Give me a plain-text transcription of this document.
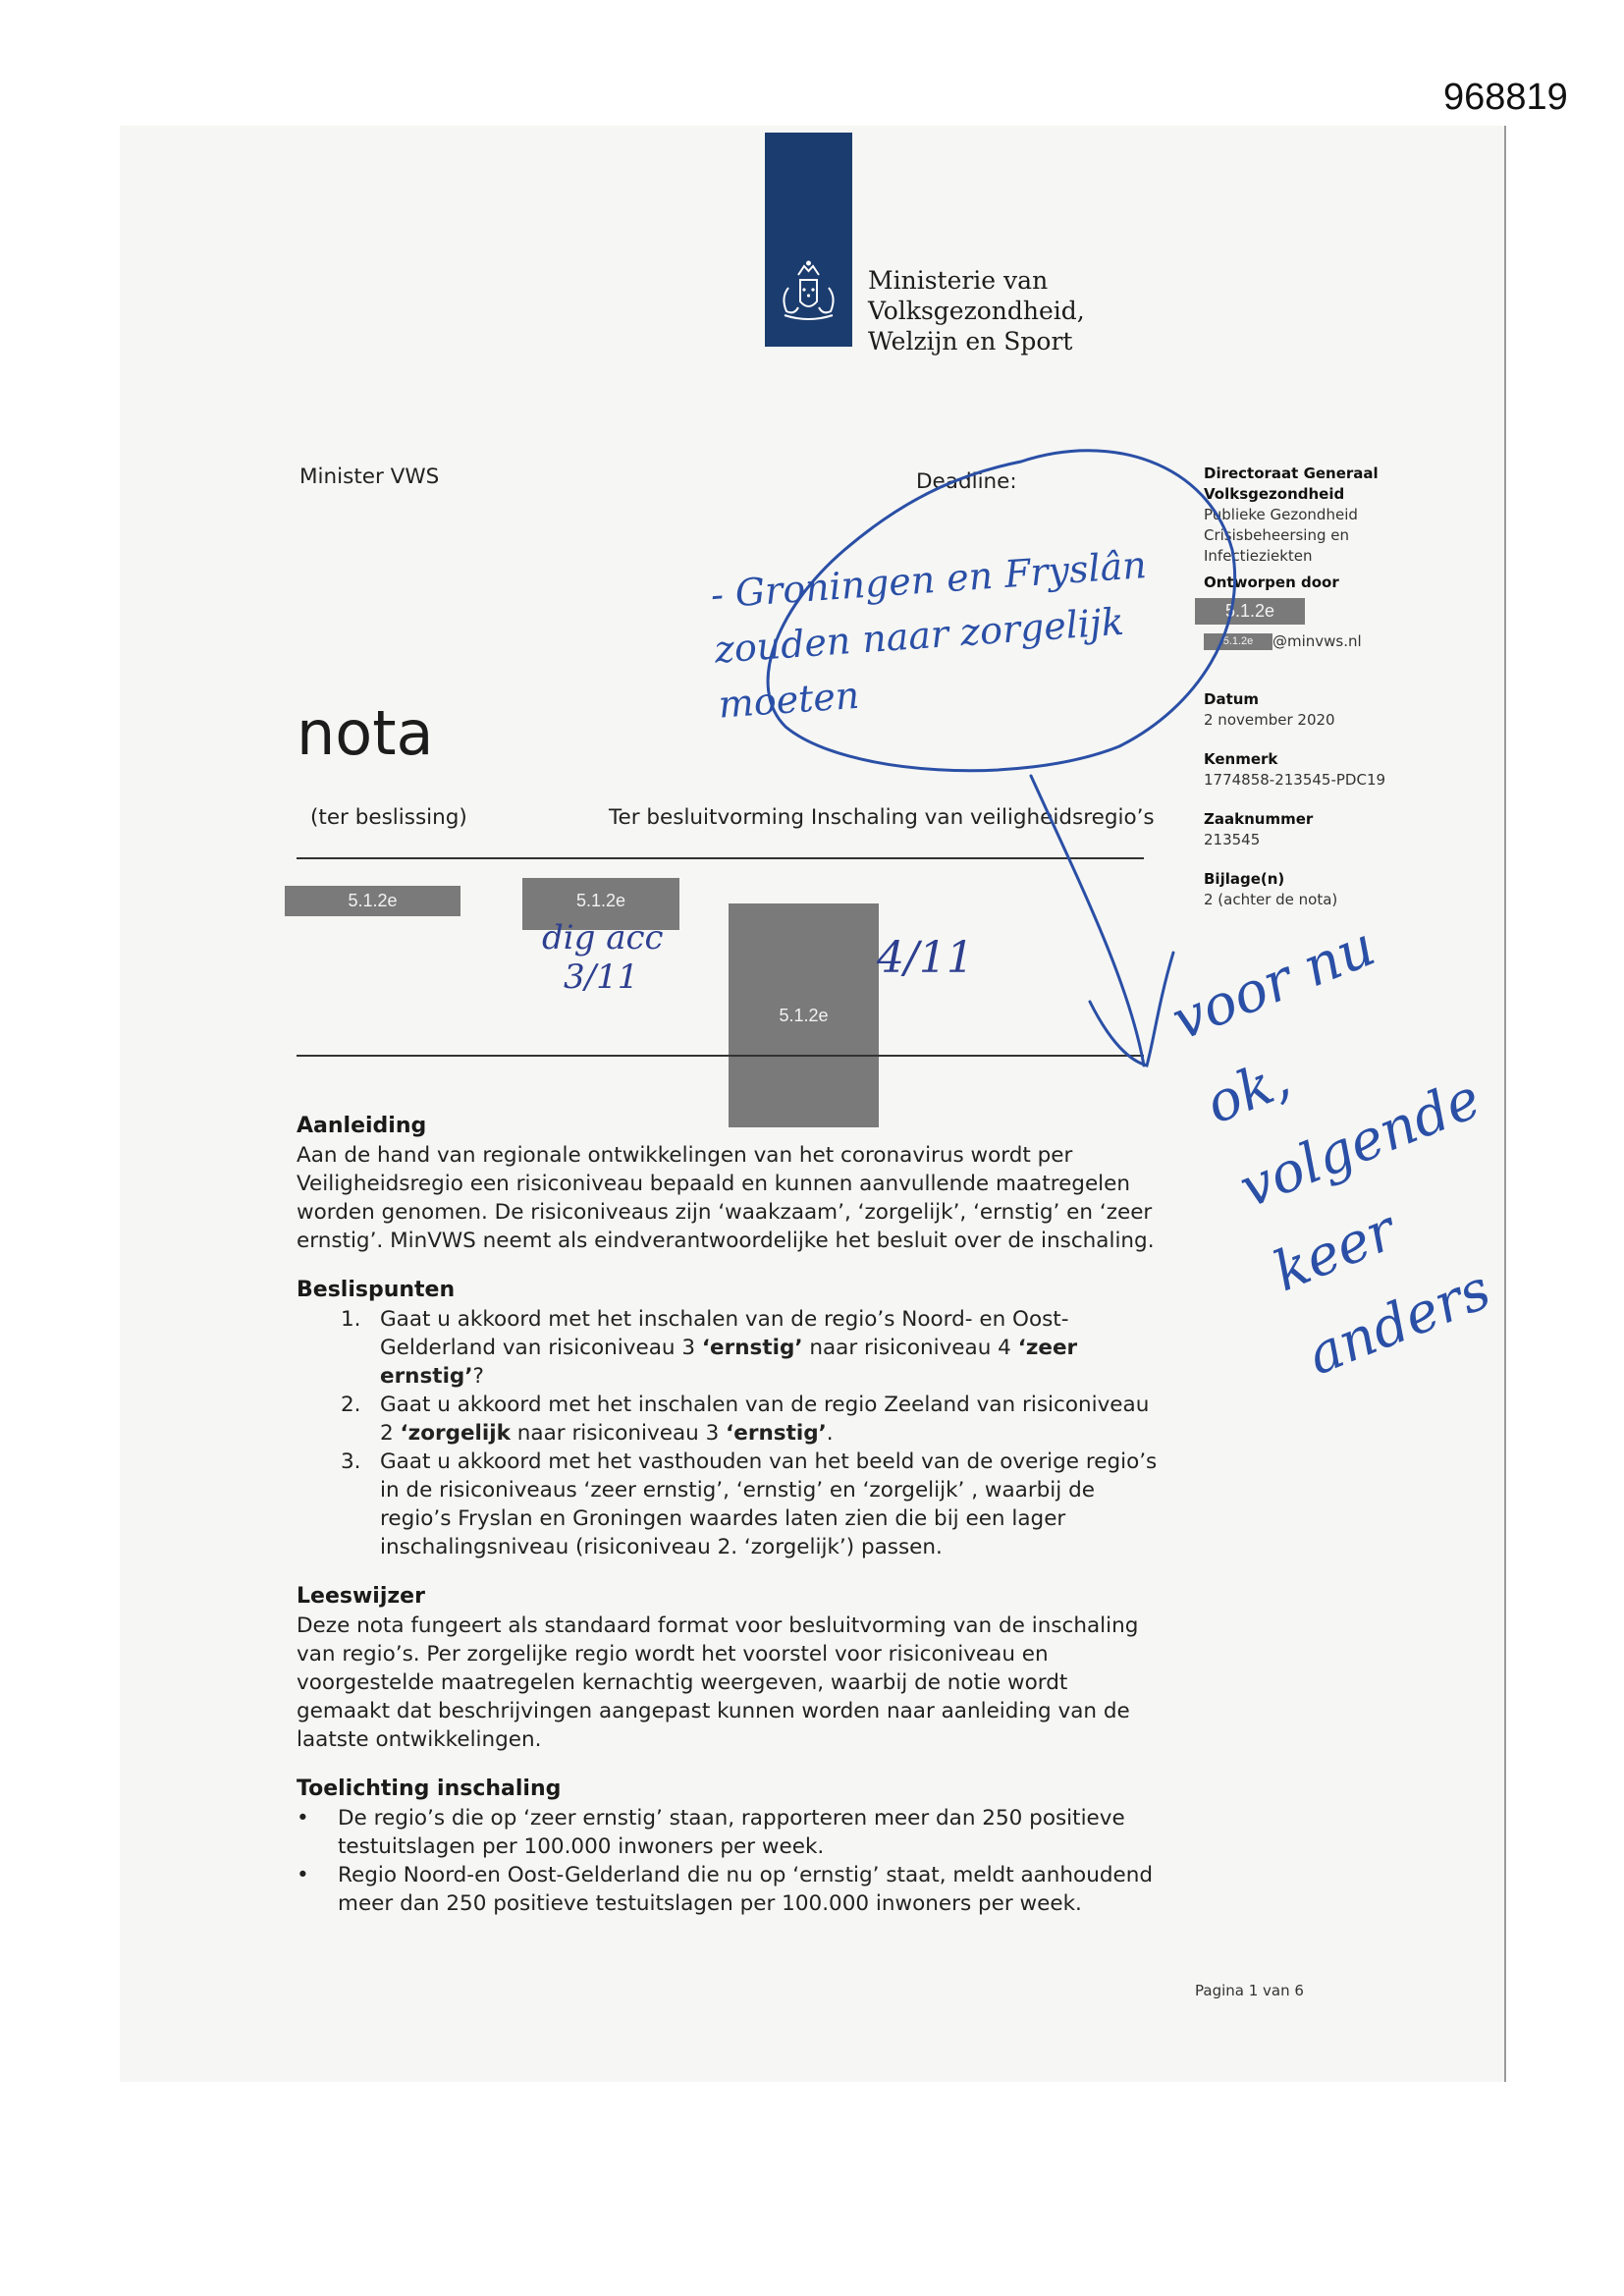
968819
Ministerie van Volksgezondheid,
Welzijn en Sport
Minister VWS	Deadline:	Directoraat Generaal
Volksgezondheid
Publieke Gezondheid
Crisisbeheersing en
Infectieziekten
Ontworpen door
5.1.2e
5.1.2e @minvws.nl
Datum
2 november 2020
Kenmerk
1774858-213545-PDC19
Zaaknummer
213545
Bijlage(n)
2 (achter de nota)
nota
(ter beslissing)	Ter besluitvorming Inschaling van veiligheidsregio’s
5.1.2e	5.1.2e
5.1.2e
dig acc
3/11	4/11
Aanleiding
Aan de hand van regionale ontwikkelingen van het coronavirus wordt per Veiligheidsregio een risiconiveau bepaald en kunnen aanvullende maatregelen worden genomen. De risiconiveaus zijn ‘waakzaam’, ‘zorgelijk’, ‘ernstig’ en ‘zeer ernstig’. MinVWS neemt als eindverantwoordelijke het besluit over de inschaling.
Beslispunten
1. Gaat u akkoord met het inschalen van de regio’s Noord- en Oost-Gelderland van risiconiveau 3 ‘ernstig’ naar risiconiveau 4 ‘zeer ernstig’?
2. Gaat u akkoord met het inschalen van de regio Zeeland van risiconiveau 2 ‘zorgelijk naar risiconiveau 3 ‘ernstig’.
3. Gaat u akkoord met het vasthouden van het beeld van de overige regio’s in de risiconiveaus ‘zeer ernstig’, ‘ernstig’ en ‘zorgelijk’ , waarbij de regio’s Fryslan en Groningen waardes laten zien die bij een lager inschalingsniveau (risiconiveau 2. ‘zorgelijk’) passen.
Leeswijzer
Deze nota fungeert als standaard format voor besluitvorming van de inschaling van regio’s. Per zorgelijke regio wordt het voorstel voor risiconiveau en voorgestelde maatregelen kernachtig weergeven, waarbij de notie wordt gemaakt dat beschrijvingen aangepast kunnen worden naar aanleiding van de laatste ontwikkelingen.
Toelichting inschaling
• De regio’s die op ‘zeer ernstig’ staan, rapporteren meer dan 250 positieve testuitslagen per 100.000 inwoners per week.
• Regio Noord-en Oost-Gelderland die nu op ‘ernstig’ staat, meldt aanhoudend meer dan 250 positieve testuitslagen per 100.000 inwoners per week.
Pagina 1 van 6
- Groningen en Fryslân zouden naar zorgelijk moeten
voor nu ok, volgende keer anders
